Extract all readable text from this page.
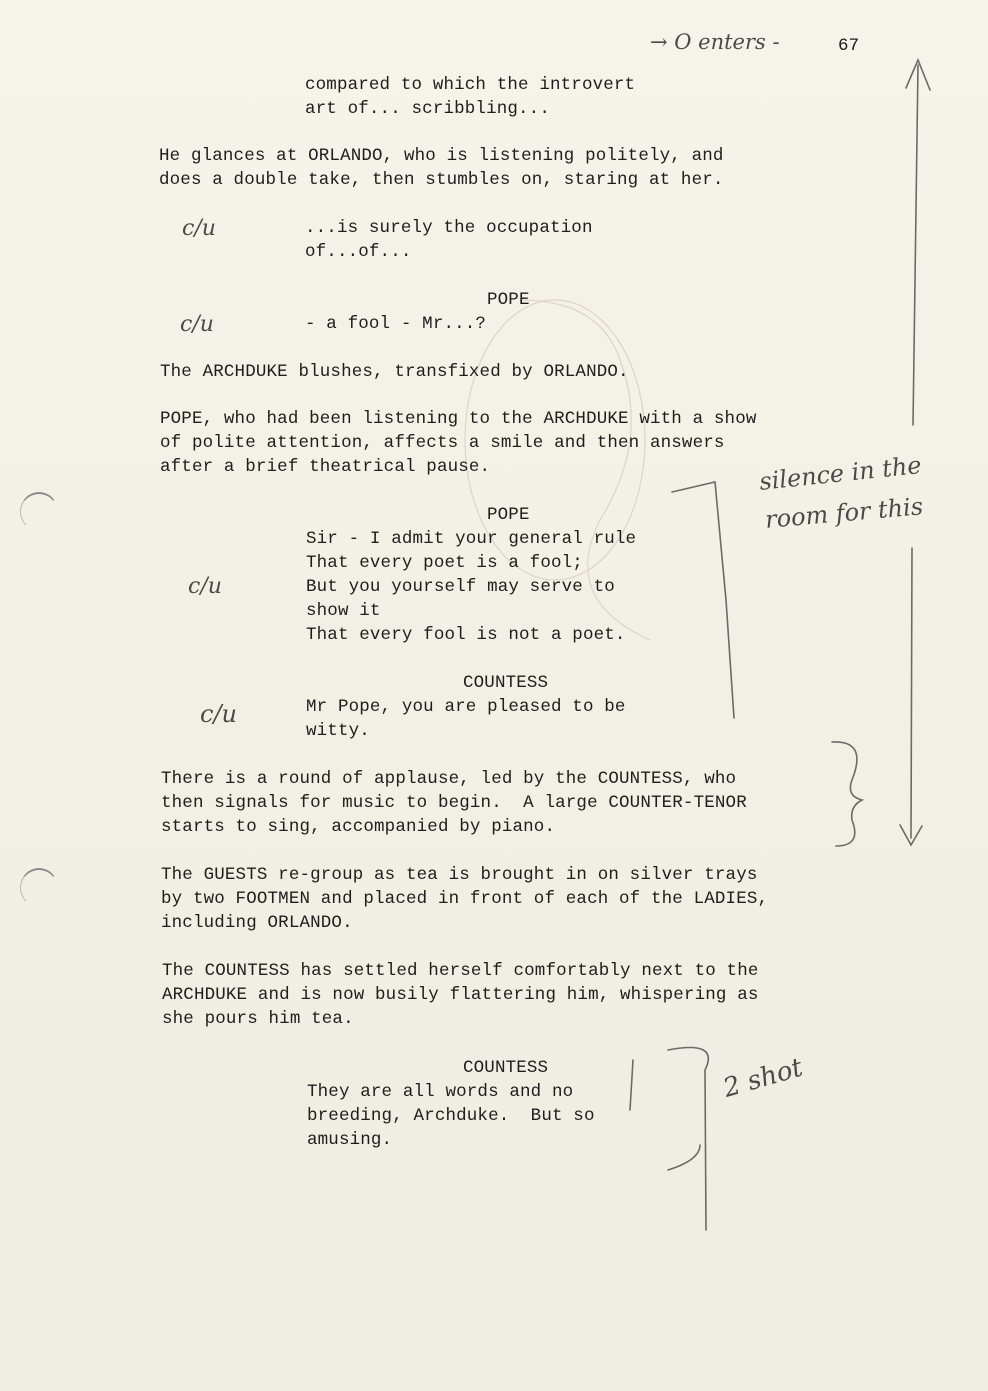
67
→ O enters -
c/u
c/u
c/u
c/u
silence in the
room for this
2 shot
compared to which the introvert
art of... scribbling...
He glances at ORLANDO, who is listening politely, and
does a double take, then stumbles on, staring at her.
...is surely the occupation
of...of...
POPE
- a fool - Mr...?
The ARCHDUKE blushes, transfixed by ORLANDO.
POPE, who had been listening to the ARCHDUKE with a show
of polite attention, affects a smile and then answers
after a brief theatrical pause.
POPE
Sir - I admit your general rule
That every poet is a fool;
But you yourself may serve to
show it
That every fool is not a poet.
COUNTESS
Mr Pope, you are pleased to be
witty.
There is a round of applause, led by the COUNTESS, who
then signals for music to begin.  A large COUNTER-TENOR
starts to sing, accompanied by piano.
The GUESTS re-group as tea is brought in on silver trays
by two FOOTMEN and placed in front of each of the LADIES,
including ORLANDO.
The COUNTESS has settled herself comfortably next to the
ARCHDUKE and is now busily flattering him, whispering as
she pours him tea.
COUNTESS
They are all words and no
breeding, Archduke.  But so
amusing.
